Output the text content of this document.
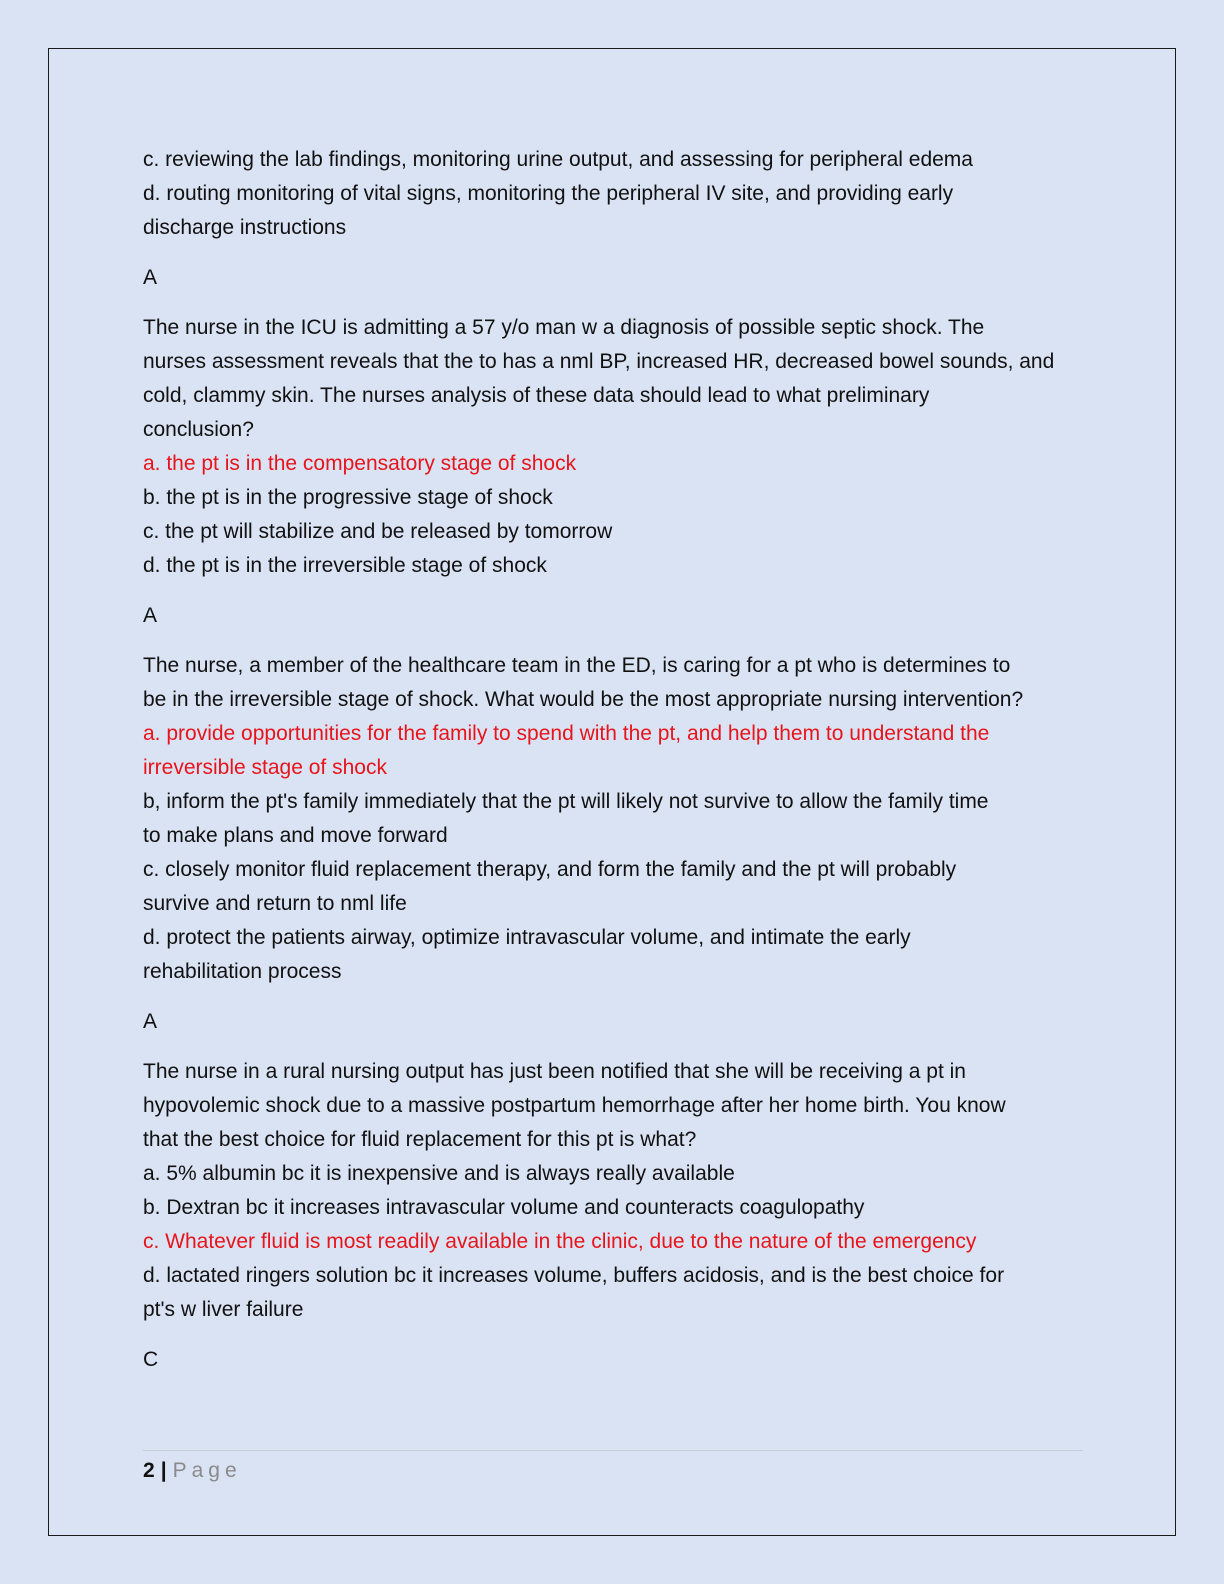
c. reviewing the lab findings, monitoring urine output, and assessing for peripheral edema
d. routing monitoring of vital signs, monitoring the peripheral IV site, and providing early
discharge instructions
A
The nurse in the ICU is admitting a 57 y/o man w a diagnosis of possible septic shock. The
nurses assessment reveals that the to has a nml BP, increased HR, decreased bowel sounds, and
cold, clammy skin. The nurses analysis of these data should lead to what preliminary
conclusion?
a. the pt is in the compensatory stage of shock
b. the pt is in the progressive stage of shock
c. the pt will stabilize and be released by tomorrow
d. the pt is in the irreversible stage of shock
A
The nurse, a member of the healthcare team in the ED, is caring for a pt who is determines to
be in the irreversible stage of shock. What would be the most appropriate nursing intervention?
a. provide opportunities for the family to spend with the pt, and help them to understand the
irreversible stage of shock
b, inform the pt's family immediately that the pt will likely not survive to allow the family time
to make plans and move forward
c. closely monitor fluid replacement therapy, and form the family and the pt will probably
survive and return to nml life
d. protect the patients airway, optimize intravascular volume, and intimate the early
rehabilitation process
A
The nurse in a rural nursing output has just been notified that she will be receiving a pt in
hypovolemic shock due to a massive postpartum hemorrhage after her home birth. You know
that the best choice for fluid replacement for this pt is what?
a. 5% albumin bc it is inexpensive and is always really available
b. Dextran bc it increases intravascular volume and counteracts coagulopathy
c. Whatever fluid is most readily available in the clinic, due to the nature of the emergency
d. lactated ringers solution bc it increases volume, buffers acidosis, and is the best choice for
pt's w liver failure
C
2 | Page
